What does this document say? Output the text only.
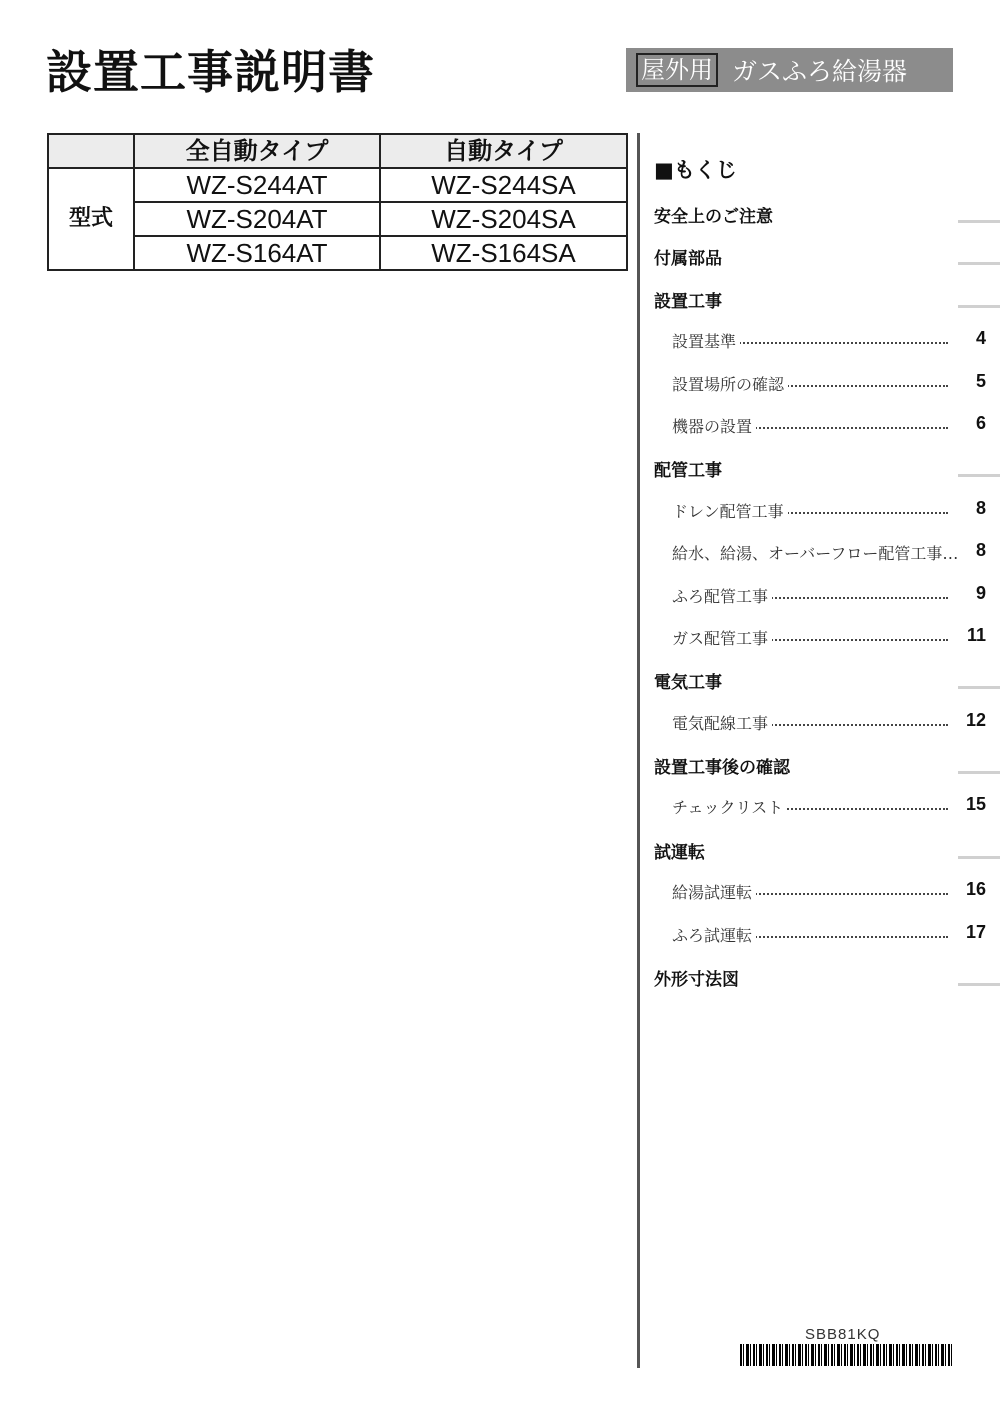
設置工事説明書	屋外用 ガスふろ給湯器
	全自動タイプ	自動タイプ
型式	WZ-S244AT	WZ-S244SA
	WZ-S204AT	WZ-S204SA
	WZ-S164AT	WZ-S164SA
■もくじ
安全上のご注意
付属部品
設置工事
設置基準	4
設置場所の確認	5
機器の設置	6
配管工事
ドレン配管工事	8
給水、給湯、オーバーフロー配管工事… 8
ふろ配管工事	9
ガス配管工事	11
電気工事
電気配線工事	12
設置工事後の確認
チェックリスト	15
試運転
給湯試運転	16
ふろ試運転	17
外形寸法図
SBB81KQ
